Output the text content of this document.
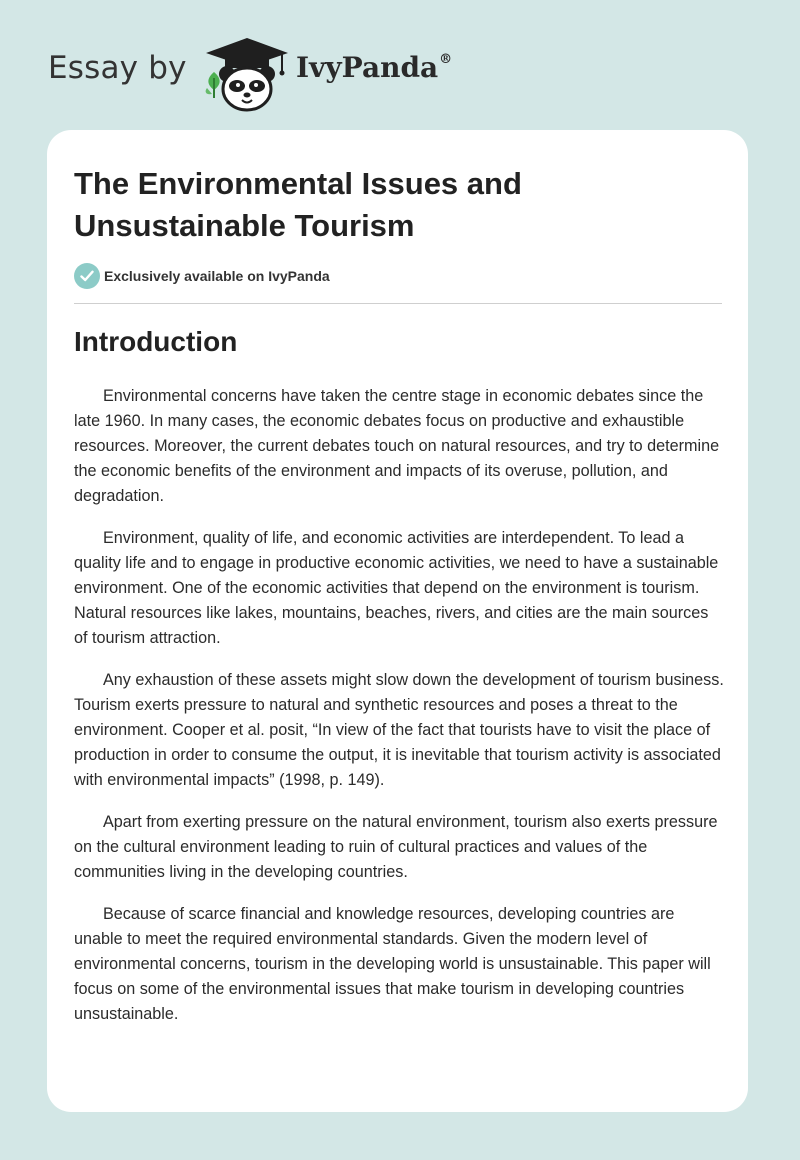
Essay by	IvyPanda®
The Environmental Issues and Unsustainable Tourism
Exclusively available on IvyPanda
Introduction

Environmental concerns have taken the centre stage in economic debates since the late 1960. In many cases, the economic debates focus on productive and exhaustible resources. Moreover, the current debates touch on natural resources, and try to determine the economic benefits of the environment and impacts of its overuse, pollution, and degradation.

Environment, quality of life, and economic activities are interdependent. To lead a quality life and to engage in productive economic activities, we need to have a sustainable environment. One of the economic activities that depend on the environment is tourism. Natural resources like lakes, mountains, beaches, rivers, and cities are the main sources of tourism attraction.

Any exhaustion of these assets might slow down the development of tourism business. Tourism exerts pressure to natural and synthetic resources and poses a threat to the environment. Cooper et al. posit, “In view of the fact that tourists have to visit the place of production in order to consume the output, it is inevitable that tourism activity is associated with environmental impacts” (1998, p. 149).

Apart from exerting pressure on the natural environment, tourism also exerts pressure on the cultural environment leading to ruin of cultural practices and values of the communities living in the developing countries.

Because of scarce financial and knowledge resources, developing countries are unable to meet the required environmental standards. Given the modern level of environmental concerns, tourism in the developing world is unsustainable. This paper will focus on some of the environmental issues that make tourism in developing countries unsustainable.
